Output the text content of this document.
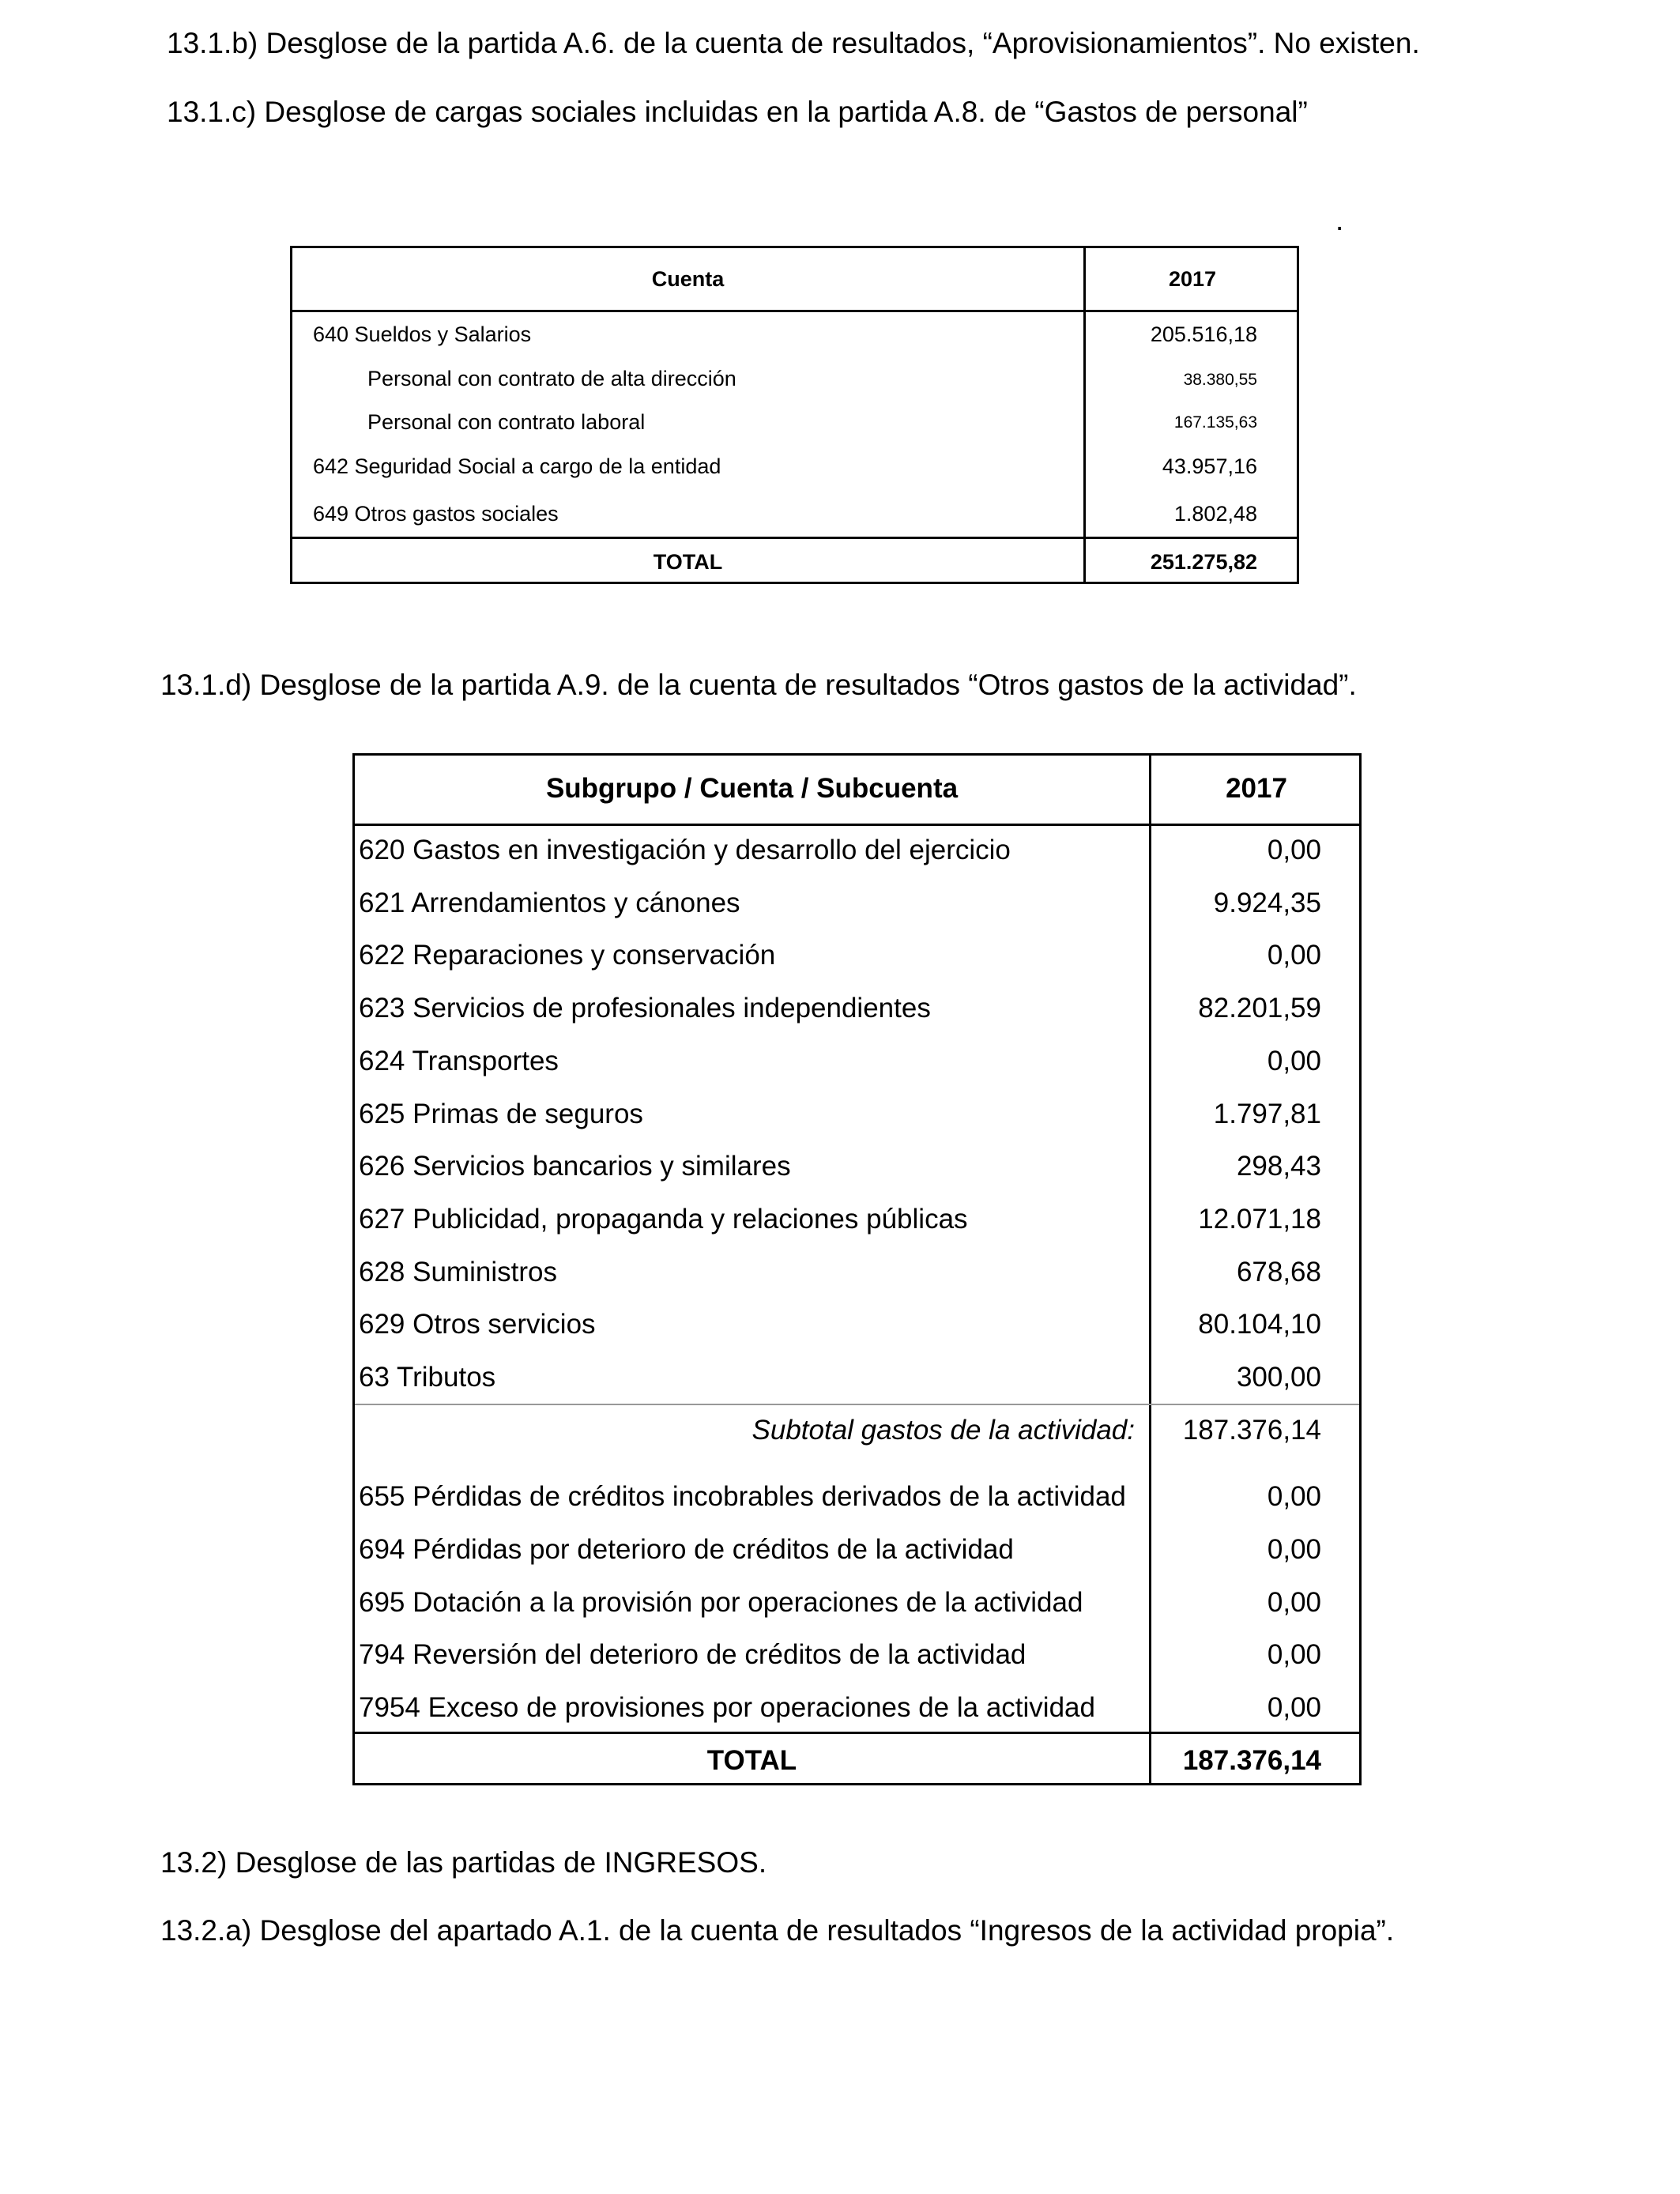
13.1.b) Desglose de la partida A.6. de la cuenta de resultados, “Aprovisionamientos”. No existen.

13.1.c) Desglose de cargas sociales incluidas en la partida A.8. de “Gastos de personal”

.
Cuenta	2017
640 Sueldos y Salarios	205.516,18
Personal con contrato de alta dirección	38.380,55
Personal con contrato laboral	167.135,63
642 Seguridad Social a cargo de la entidad	43.957,16
649 Otros gastos sociales	1.802,48
TOTAL	251.275,82

13.1.d) Desglose de la partida A.9. de la cuenta de resultados “Otros gastos de la actividad”.

Subgrupo / Cuenta / Subcuenta	2017
620 Gastos en investigación y desarrollo del ejercicio	0,00
621 Arrendamientos y cánones	9.924,35
622 Reparaciones y conservación	0,00
623 Servicios de profesionales independientes	82.201,59
624 Transportes	0,00
625 Primas de seguros	1.797,81
626 Servicios bancarios y similares	298,43
627 Publicidad, propaganda y relaciones públicas	12.071,18
628 Suministros	678,68
629 Otros servicios	80.104,10
63 Tributos	300,00
Subtotal gastos de la actividad: 187.376,14
655 Pérdidas de créditos incobrables derivados de la actividad	0,00
694 Pérdidas por deterioro de créditos de la actividad	0,00
695 Dotación a la provisión por operaciones de la actividad	0,00
794 Reversión del deterioro de créditos de la actividad	0,00
7954 Exceso de provisiones por operaciones de la actividad	0,00
TOTAL	187.376,14

13.2) Desglose de las partidas de INGRESOS.

13.2.a) Desglose del apartado A.1. de la cuenta de resultados “Ingresos de la actividad propia”.
